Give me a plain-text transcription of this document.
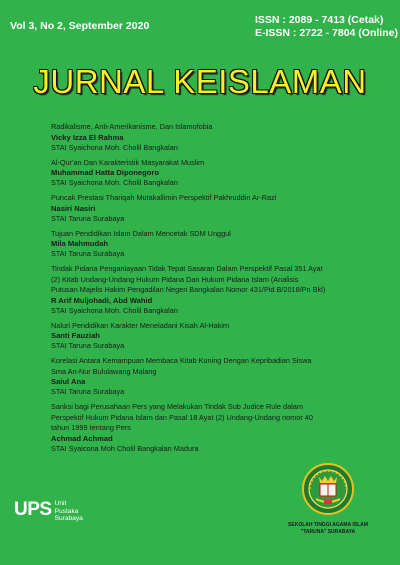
Vol 3, No 2, September 2020	ISSN : 2089 - 7413 (Cetak)
E-ISSN : 2722 - 7804 (Online)
JURNAL KEISLAMAN
Radikalisme, Anti-Amerikanisme, Dan Islamofobia
Vicky Izza El Rahma
STAI Syaichona Moh. Cholil Bangkalan
Al-Qur'an Dan Karakteristik Masyarakat Muslim
Muhammad Hatta Diponegoro
STAI Syaichona Moh. Cholil Bangkalan
Puncak Prestasi Thariqah Mutakallimin Perspektif Pakhruddin Ar-Razi
Nasiri Nasiri
STAI Taruna Surabaya
Tujuan Pendidikan Islam Dalam Mencetak SDM Unggul
Mila Mahmudah
STAI Taruna Surabaya
Tindak Pidana Penganiayaan Tidak Tepat Sasaran Dalam Perspektif Pasal 351 Ayat
(2) Kitab Undang-Undang Hukum Pidana Dan Hukum Pidana Islam (Analisis
Putusan Majelis Hakim Pengadilan Negeri Bangkalan Nomor 431/Pid.B/2018/Pn Bkl)
R Arif Muljohadi, Abd Wahid
STAI Syaichona Moh. Cholil Bangkalan
Naluri Pendidikan Karakter Meneladani Kisah Al-Hakim
Santi Fauziah
STAI Taruna Surabaya
Korelasi Antara Kemampuan Membaca Kitab Kuning Dengan Kepribadian Siswa
Sma An-Nur Bululawang Malang
Saiul Ana
STAI Taruna Surabaya
Sanksi bagi Perusahaan Pers yang Melakukan Tindak Sub Judice Rule dalam
Perspektif Hukum Pidana Islam dan Pasal 18 Ayat (2) Undang-Undang nomor 40
tahun 1999 tentang Pers
Achmad Achmad
STAI Syaicona Moh Cholil Bangkalan Madura
UPS Unit
Pustaka
Surabaya
SEKOLAH TINGGI AGAMA ISLAM
"TARUNA" SURABAYA
